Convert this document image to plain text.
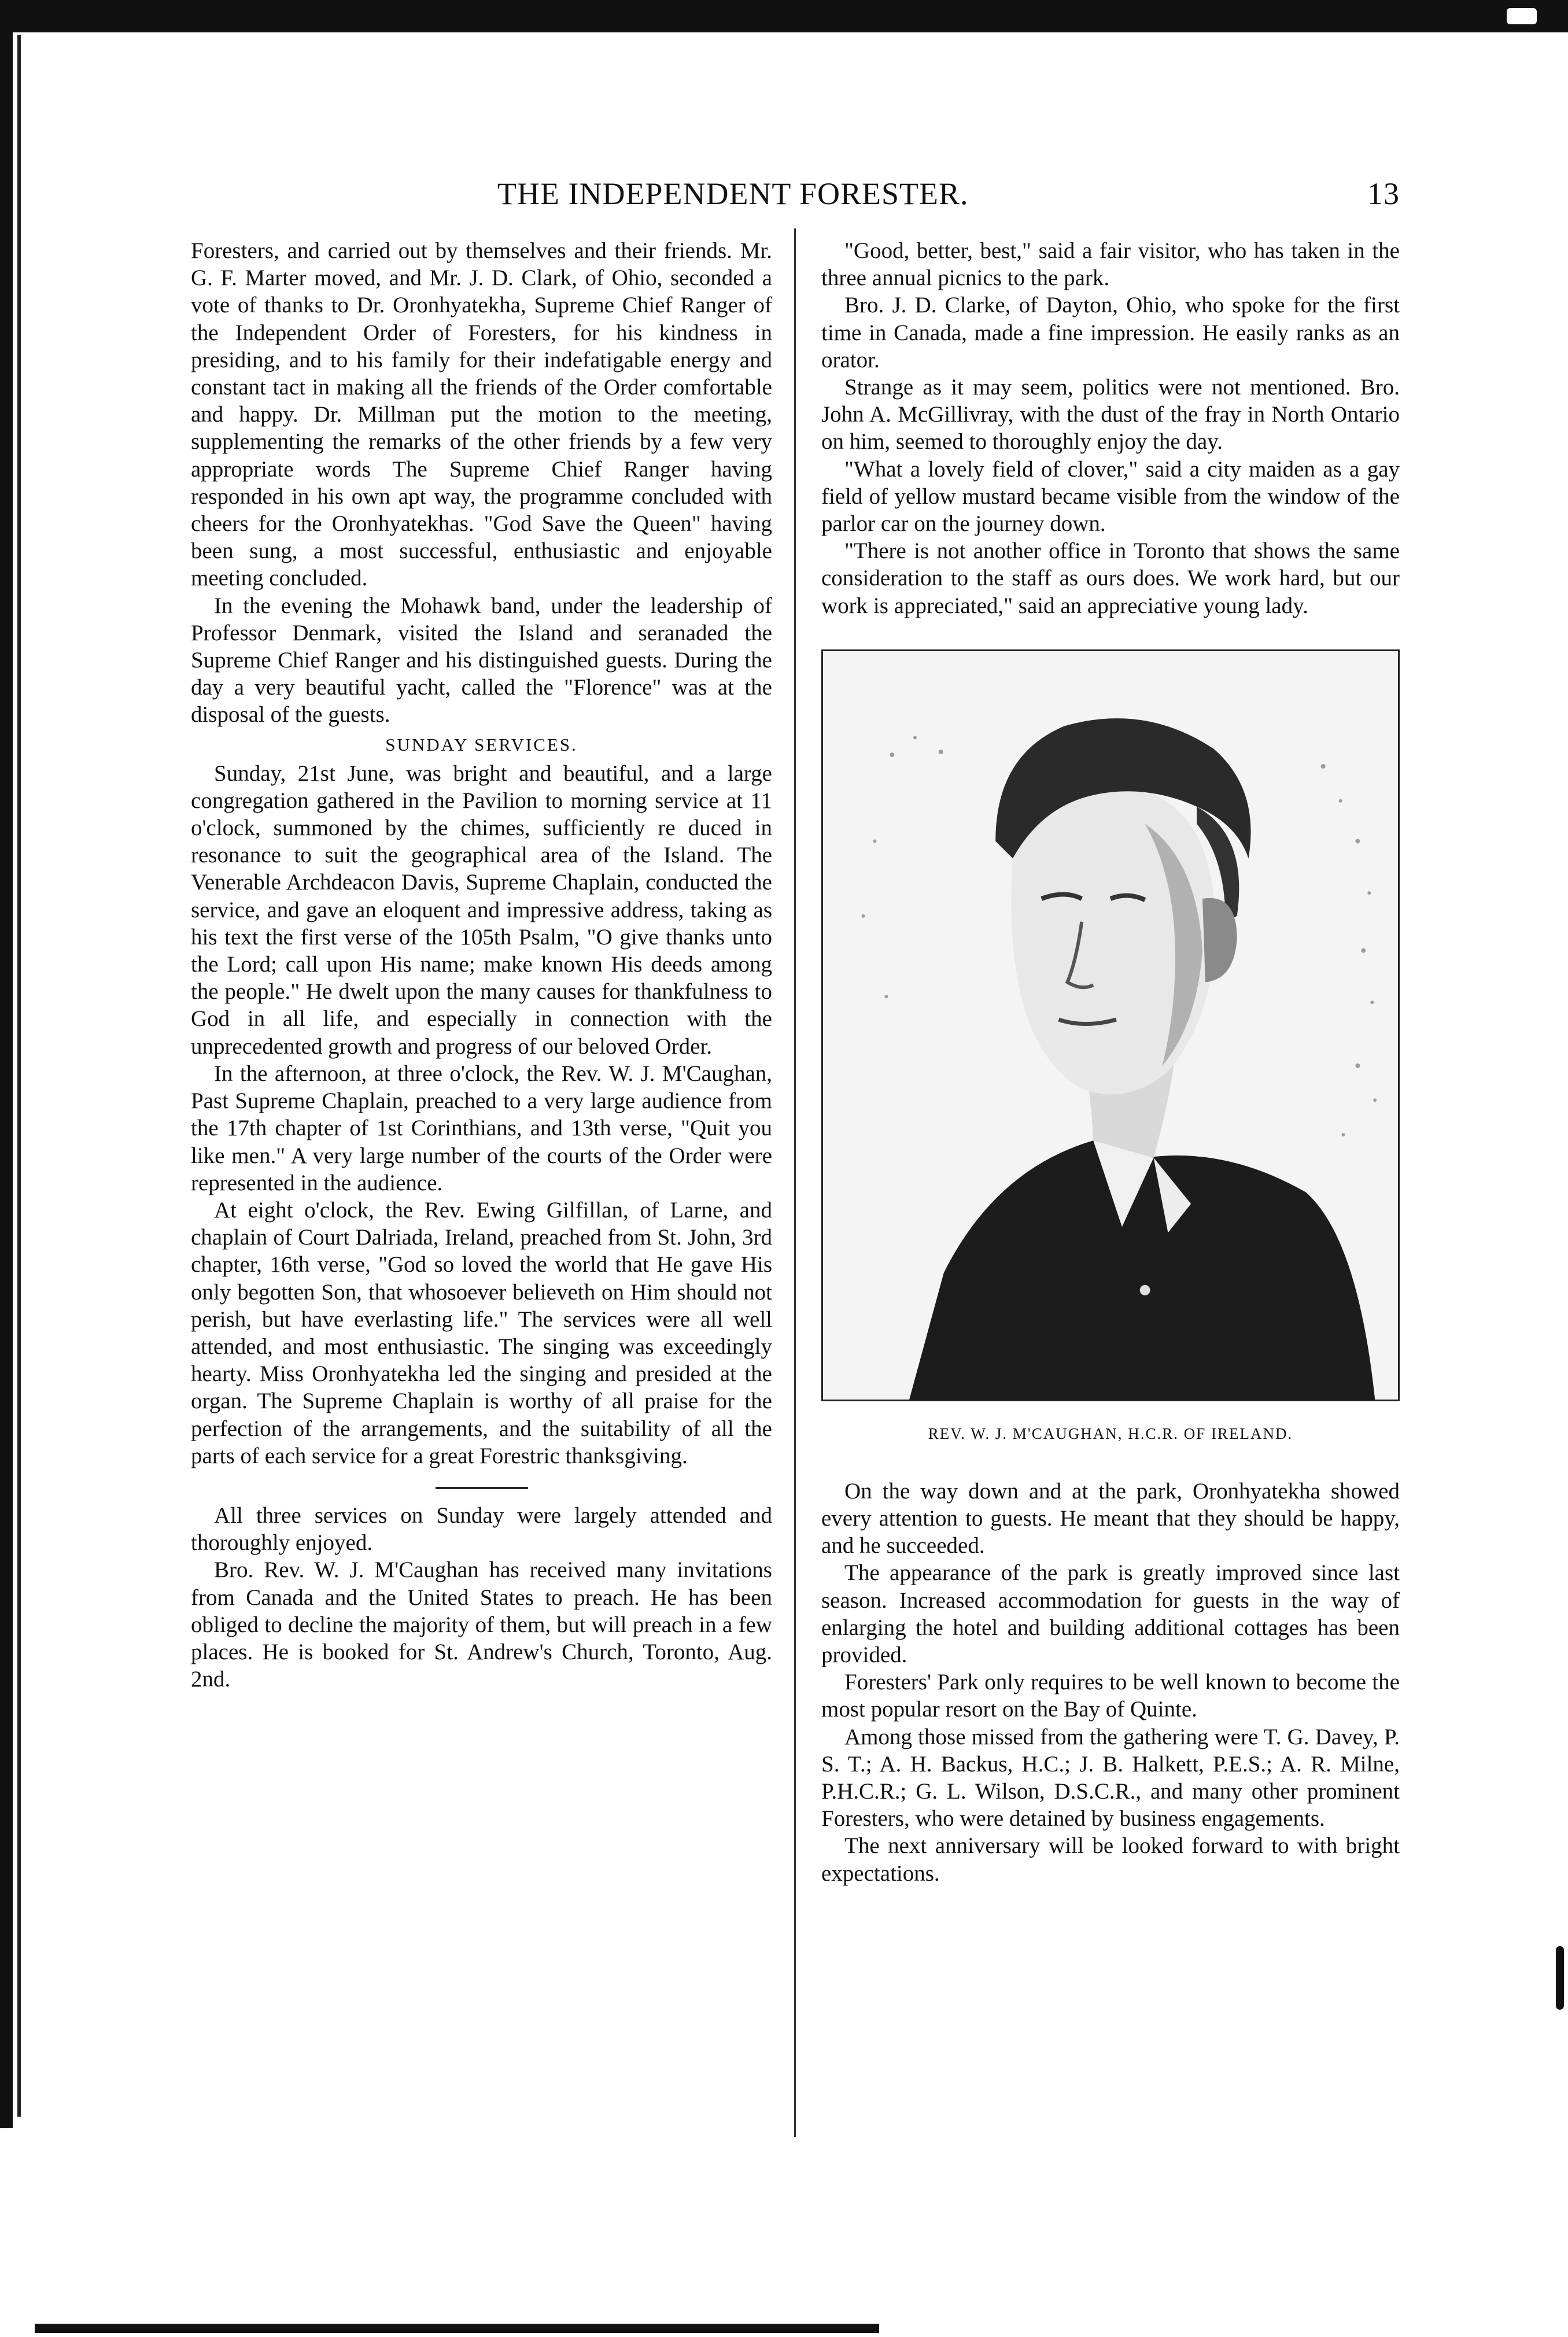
THE INDEPENDENT FORESTER.	13

Foresters, and carried out by themselves and their friends. Mr. G. F. Marter moved, and Mr. J. D. Clark, of Ohio, seconded a vote of thanks to Dr. Oronhyatekha, Supreme Chief Ranger of the Independent Order of Foresters, for his kindness in presiding, and to his family for their indefatigable energy and constant tact in making all the friends of the Order comfortable and happy. Dr. Millman put the motion to the meeting, supplementing the remarks of the other friends by a few very appropriate words The Supreme Chief Ranger having responded in his own apt way, the programme concluded with cheers for the Oronhyatekhas. "God Save the Queen" having been sung, a most successful, enthusiastic and enjoyable meeting concluded.

In the evening the Mohawk band, under the leadership of Professor Denmark, visited the Island and seranaded the Supreme Chief Ranger and his distinguished guests. During the day a very beautiful yacht, called the "Florence" was at the disposal of the guests.

SUNDAY SERVICES.

Sunday, 21st June, was bright and beautiful, and a large congregation gathered in the Pavilion to morning service at 11 o'clock, summoned by the chimes, sufficiently re duced in resonance to suit the geographical area of the Island. The Venerable Archdeacon Davis, Supreme Chaplain, conducted the service, and gave an eloquent and impressive address, taking as his text the first verse of the 105th Psalm, "O give thanks unto the Lord; call upon His name; make known His deeds among the people." He dwelt upon the many causes for thankfulness to God in all life, and especially in connection with the unprecedented growth and progress of our beloved Order.

In the afternoon, at three o'clock, the Rev. W. J. M'Caughan, Past Supreme Chaplain, preached to a very large audience from the 17th chapter of 1st Corinthians, and 13th verse, "Quit you like men." A very large number of the courts of the Order were represented in the audience.

At eight o'clock, the Rev. Ewing Gilfillan, of Larne, and chaplain of Court Dalriada, Ireland, preached from St. John, 3rd chapter, 16th verse, "God so loved the world that He gave His only begotten Son, that whosoever believeth on Him should not perish, but have everlasting life." The services were all well attended, and most enthusiastic. The singing was exceedingly hearty. Miss Oronhyatekha led the singing and presided at the organ. The Supreme Chaplain is worthy of all praise for the perfection of the arrangements, and the suitability of all the parts of each service for a great Forestric thanksgiving.

All three services on Sunday were largely attended and thoroughly enjoyed.

Bro. Rev. W. J. M'Caughan has received many invitations from Canada and the United States to preach. He has been obliged to decline the majority of them, but will preach in a few places. He is booked for St. Andrew's Church, Toronto, Aug. 2nd.

"Good, better, best," said a fair visitor, who has taken in the three annual picnics to the park.

Bro. J. D. Clarke, of Dayton, Ohio, who spoke for the first time in Canada, made a fine impression. He easily ranks as an orator.

Strange as it may seem, politics were not mentioned. Bro. John A. McGillivray, with the dust of the fray in North Ontario on him, seemed to thoroughly enjoy the day.

"What a lovely field of clover," said a city maiden as a gay field of yellow mustard became visible from the window of the parlor car on the journey down.

"There is not another office in Toronto that shows the same consideration to the staff as ours does. We work hard, but our work is appreciated," said an appreciative young lady.

REV. W. J. M'CAUGHAN, H.C.R. OF IRELAND.

On the way down and at the park, Oronhyatekha showed every attention to guests. He meant that they should be happy, and he succeeded.

The appearance of the park is greatly improved since last season. Increased accommodation for guests in the way of enlarging the hotel and building additional cottages has been provided.

Foresters' Park only requires to be well known to become the most popular resort on the Bay of Quinte.

Among those missed from the gathering were T. G. Davey, P. S. T.; A. H. Backus, H.C.; J. B. Halkett, P.E.S.; A. R. Milne, P.H.C.R.; G. L. Wilson, D.S.C.R., and many other prominent Foresters, who were detained by business engagements.

The next anniversary will be looked forward to with bright expectations.
